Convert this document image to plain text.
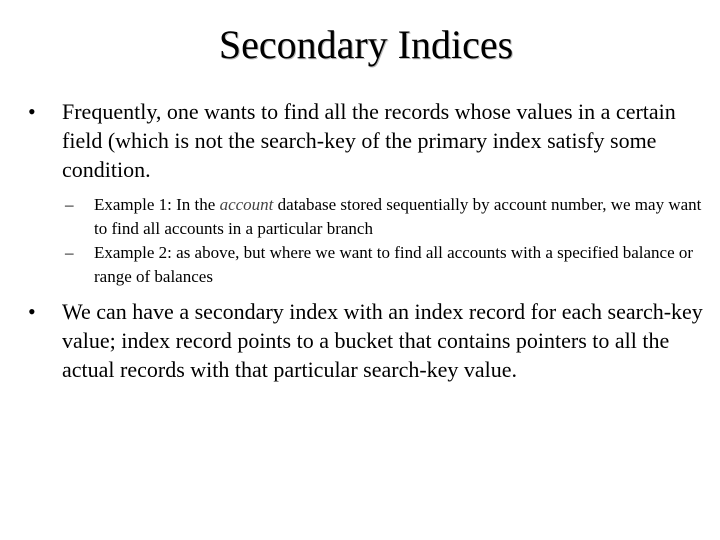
Secondary Indices
• Frequently, one wants to find all the records whose values in a certain field (which is not the search-key of the primary index satisfy some condition.
– Example 1: In the account database stored sequentially by account number, we may want to find all accounts in a particular branch
– Example 2: as above, but where we want to find all accounts with a specified balance or range of balances
• We can have a secondary index with an index record for each search-key value; index record points to a bucket that contains pointers to all the actual records with that particular search-key value.
